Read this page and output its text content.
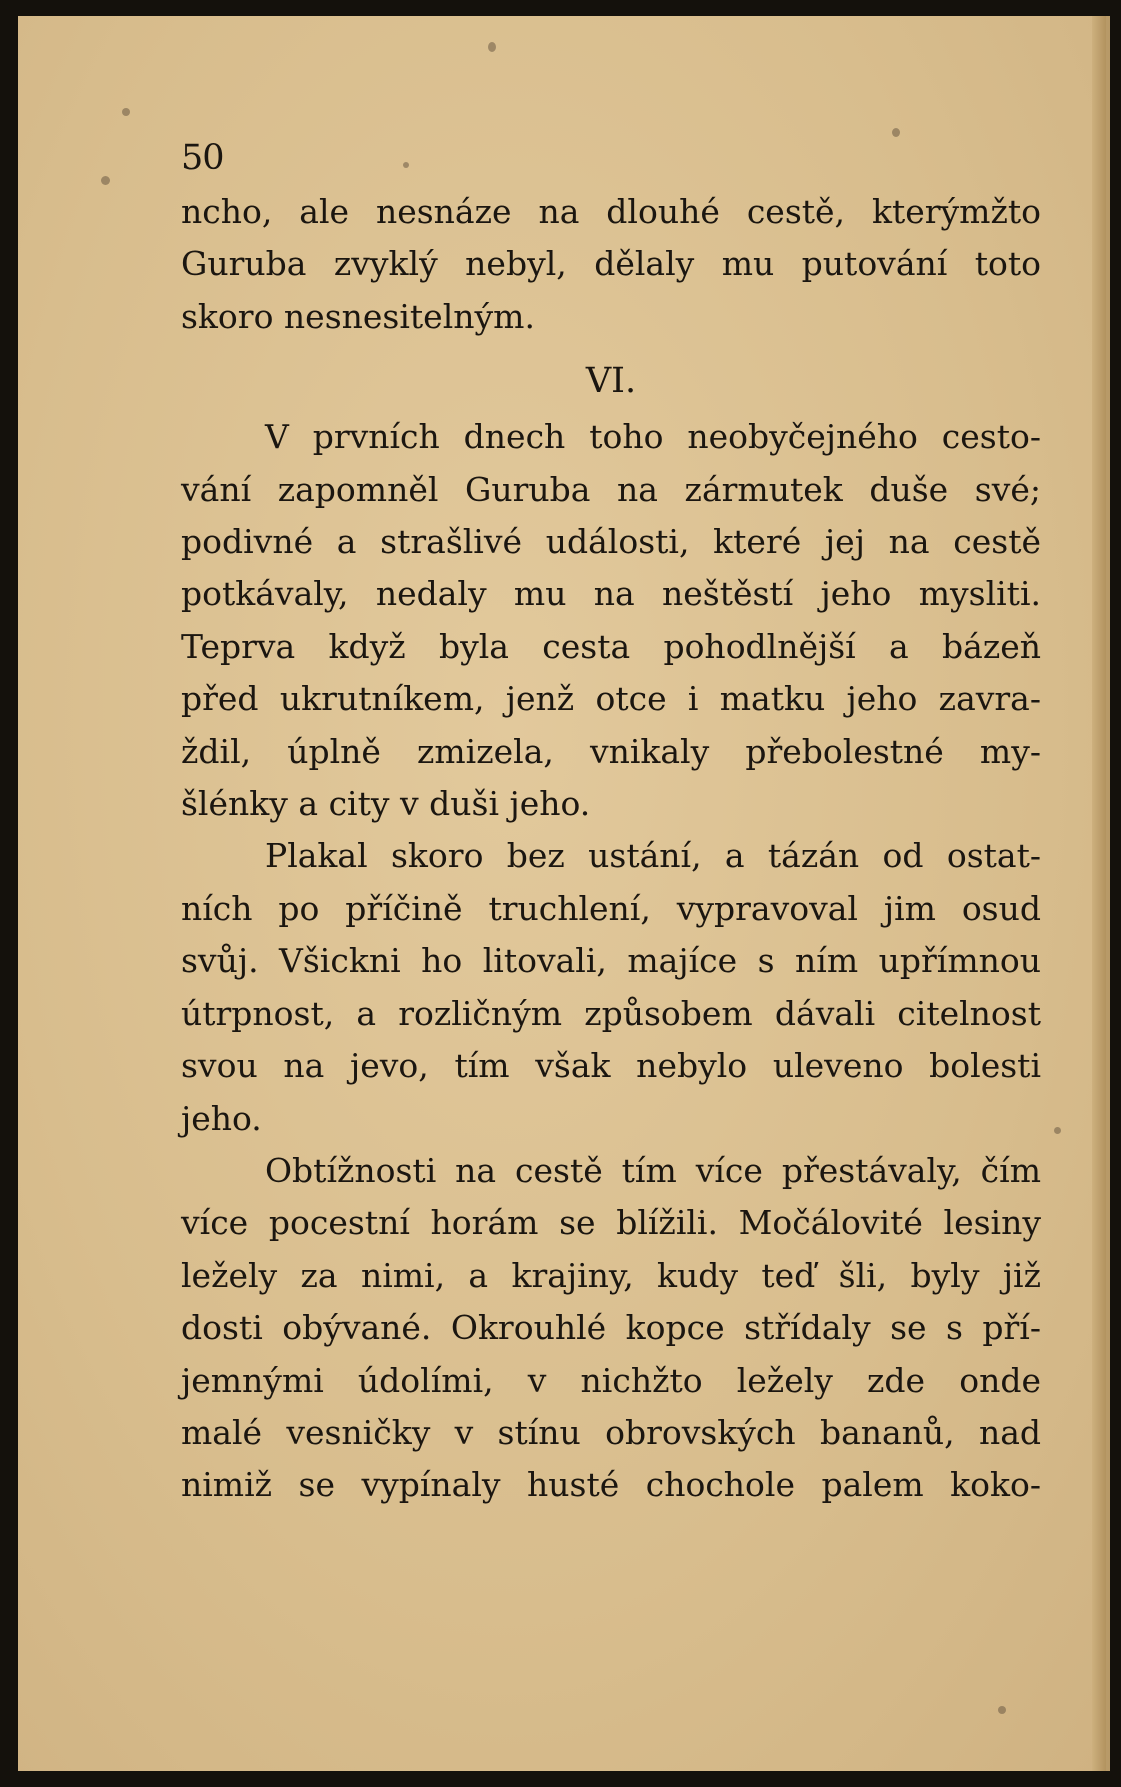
50

ncho, ale nesnáze na dlouhé cestě, kterýmžto

Guruba zvyklý nebyl, dělaly mu putování toto

skoro nesnesitelným.

VI.

V prvních dnech toho neobyčejného cesto-

vání zapomněl Guruba na zármutek duše své;

podivné a strašlivé události, které jej na cestě

potkávaly, nedaly mu na neštěstí jeho mysliti.

Teprva když byla cesta pohodlnější a bázeň

před ukrutníkem, jenž otce i matku jeho zavra-

ždil, úplně zmizela, vnikaly přebolestné my-

šlénky a city v duši jeho.

Plakal skoro bez ustání, a tázán od ostat-

ních po příčině truchlení, vypravoval jim osud

svůj. Všickni ho litovali, majíce s ním upřímnou

útrpnost, a rozličným způsobem dávali citelnost

svou na jevo, tím však nebylo uleveno bolesti

jeho.

Obtížnosti na cestě tím více přestávaly, čím

více pocestní horám se blížili. Močálovité lesiny

ležely za nimi, a krajiny, kudy teď šli, byly již

dosti obývané. Okrouhlé kopce střídaly se s pří-

jemnými údolími, v nichžto ležely zde onde

malé vesničky v stínu obrovských bananů, nad

nimiž se vypínaly husté chochole palem koko-
